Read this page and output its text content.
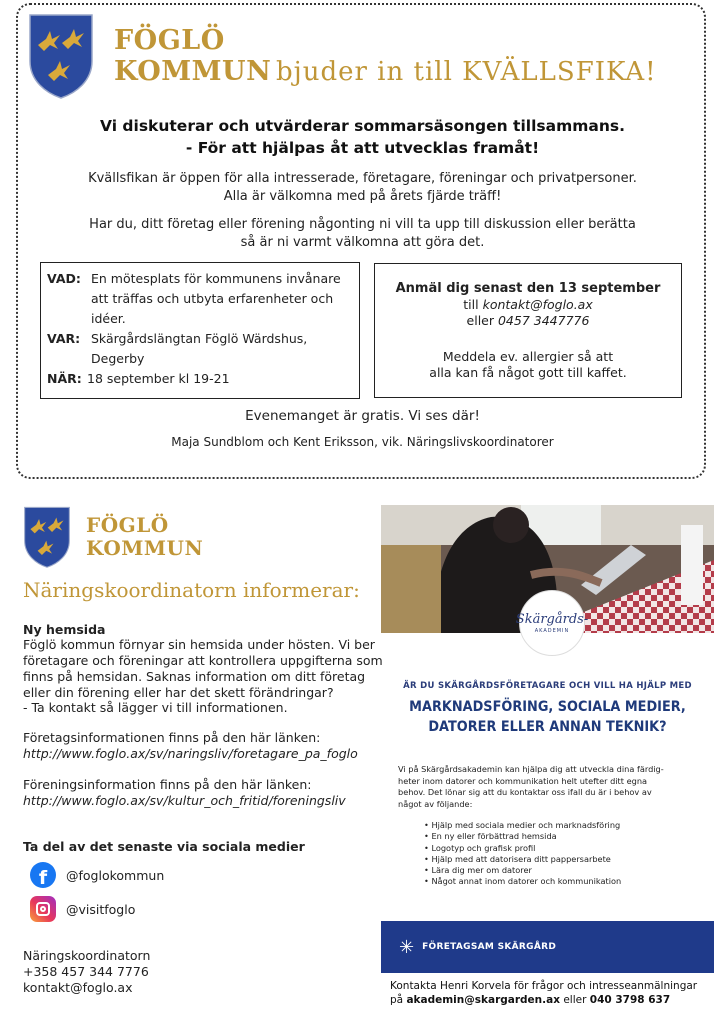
FÖGLÖ
KOMMUN bjuder in till KVÄLLSFIKA!
Vi diskuterar och utvärderar sommarsäsongen tillsammans.
- För att hjälpas åt att utvecklas framåt!
Kvällsfikan är öppen för alla intresserade, företagare, föreningar och privatpersoner.
Alla är välkomna med på årets fjärde träff!
Har du, ditt företag eller förening någonting ni vill ta upp till diskussion eller berätta
så är ni varmt välkomna att göra det.
VAD: En mötesplats för kommunens invånare att träffas och utbyta erfarenheter och idéer.
VAR: Skärgårdslängtan Föglö Wärdshus, Degerby
NÄR: 18 september kl 19-21
Anmäl dig senast den 13 september
till kontakt@foglo.ax
eller 0457 3447776
Meddela ev. allergier så att
alla kan få något gott till kaffet.
Evenemanget är gratis. Vi ses där!
Maja Sundblom och Kent Eriksson, vik. Näringslivskoordinatorer
FÖGLÖ
KOMMUN
Näringskoordinatorn informerar:
Ny hemsida
Föglö kommun förnyar sin hemsida under hösten. Vi ber
företagare och föreningar att kontrollera uppgifterna som
finns på hemsidan. Saknas information om ditt företag
eller din förening eller har det skett förändringar?
- Ta kontakt så lägger vi till informationen.
Företagsinformationen finns på den här länken:
http://www.foglo.ax/sv/naringsliv/foretagare_pa_foglo
Föreningsinformation finns på den här länken:
http://www.foglo.ax/sv/kultur_och_fritid/foreningsliv
Ta del av det senaste via sociala medier
f	@foglokommun
@visitfoglo
Näringskoordinatorn
+358 457 344 7776
kontakt@foglo.ax
Skärgårds-
AKADEMIN
ÄR DU SKÄRGÅRDSFÖRETAGARE OCH VILL HA HJÄLP MED
MARKNADSFÖRING, SOCIALA MEDIER,
DATORER ELLER ANNAN TEKNIK?
Vi på Skärgårdsakademin kan hjälpa dig att utveckla dina färdig-
heter inom datorer och kommunikation helt utefter ditt egna
behov. Det lönar sig att du kontaktar oss ifall du är i behov av
något av följande:
• Hjälp med sociala medier och marknadsföring
• En ny eller förbättrad hemsida
• Logotyp och grafisk profil
• Hjälp med att datorisera ditt pappersarbete
• Lära dig mer om datorer
• Något annat inom datorer och kommunikation
✳ FÖRETAGSAM SKÄRGÅRD
Kontakta Henri Korvela för frågor och intresseanmälningar
på akademin@skargarden.ax eller 040 3798 637
